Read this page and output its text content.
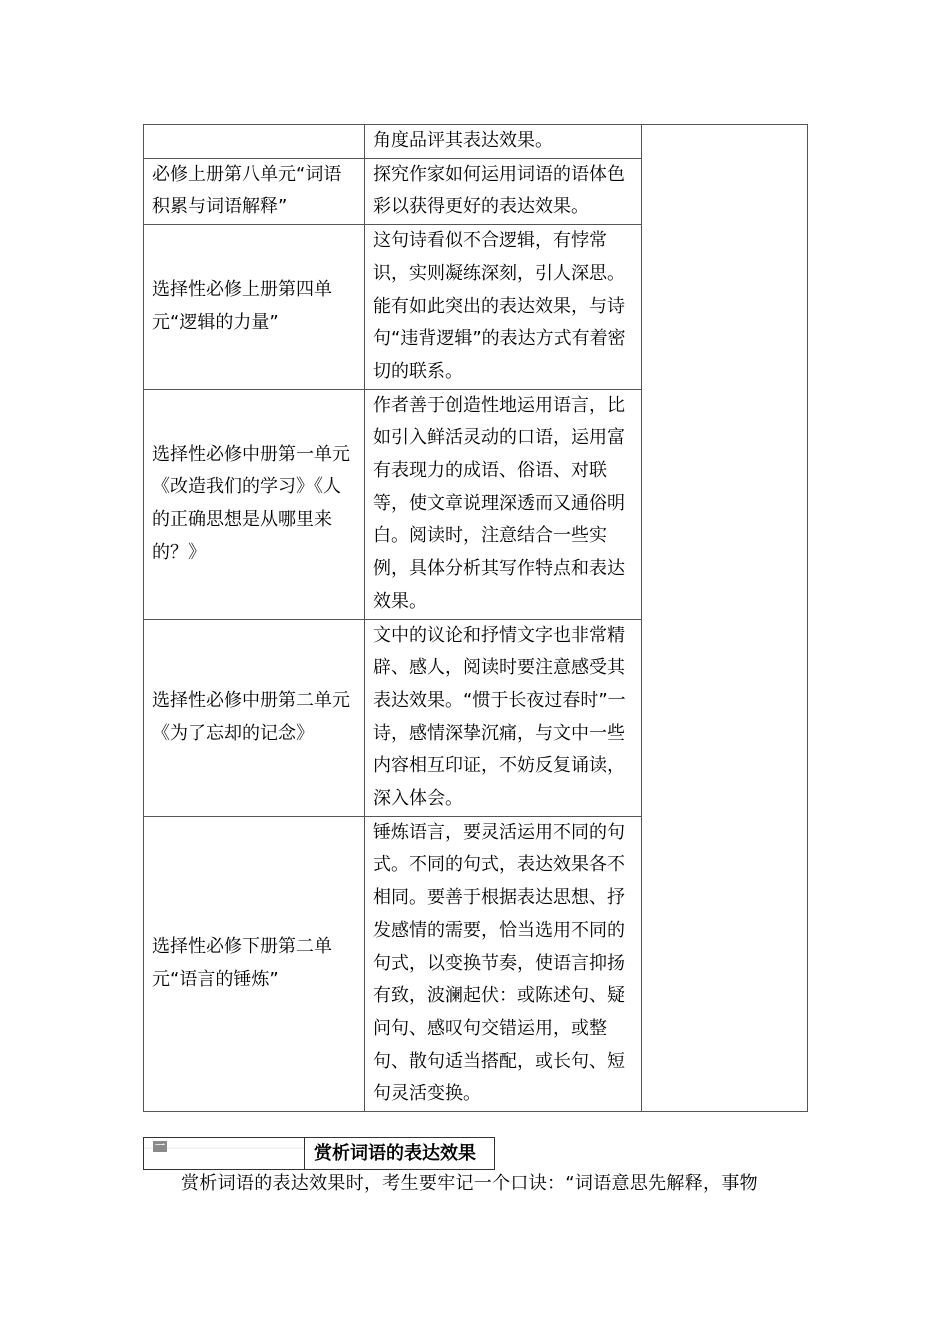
	角度品评其表达效果。	
必修上册第八单元“词语积累与词语解释”	探究作家如何运用词语的语体色彩以获得更好的表达效果。	
选择性必修上册第四单元“逻辑的力量”	这句诗看似不合逻辑，有悖常识，实则凝练深刻，引人深思。能有如此突出的表达效果，与诗句“违背逻辑”的表达方式有着密切的联系。	
选择性必修中册第一单元《改造我们的学习》《人的正确思想是从哪里来的？》	作者善于创造性地运用语言，比如引入鲜活灵动的口语，运用富有表现力的成语、俗语、对联等，使文章说理深透而又通俗明白。阅读时，注意结合一些实例，具体分析其写作特点和表达效果。	
选择性必修中册第二单元《为了忘却的记念》	文中的议论和抒情文字也非常精辟、感人，阅读时要注意感受其表达效果。“惯于长夜过春时”一诗，感情深挚沉痛，与文中一些内容相互印证，不妨反复诵读，深入体会。	
选择性必修下册第二单元“语言的锤炼”	锤炼语言，要灵活运用不同的句式。不同的句式，表达效果各不相同。要善于根据表达思想、抒发感情的需要，恰当选用不同的句式，以变换节奏，使语言抑扬有致，波澜起伏：或陈述句、疑问句、感叹句交错运用，或整句、散句适当搭配，或长句、短句灵活变换。	
一	赏析词语的表达效果
赏析词语的表达效果时，考生要牢记一个口诀：“词语意思先解释，事物
